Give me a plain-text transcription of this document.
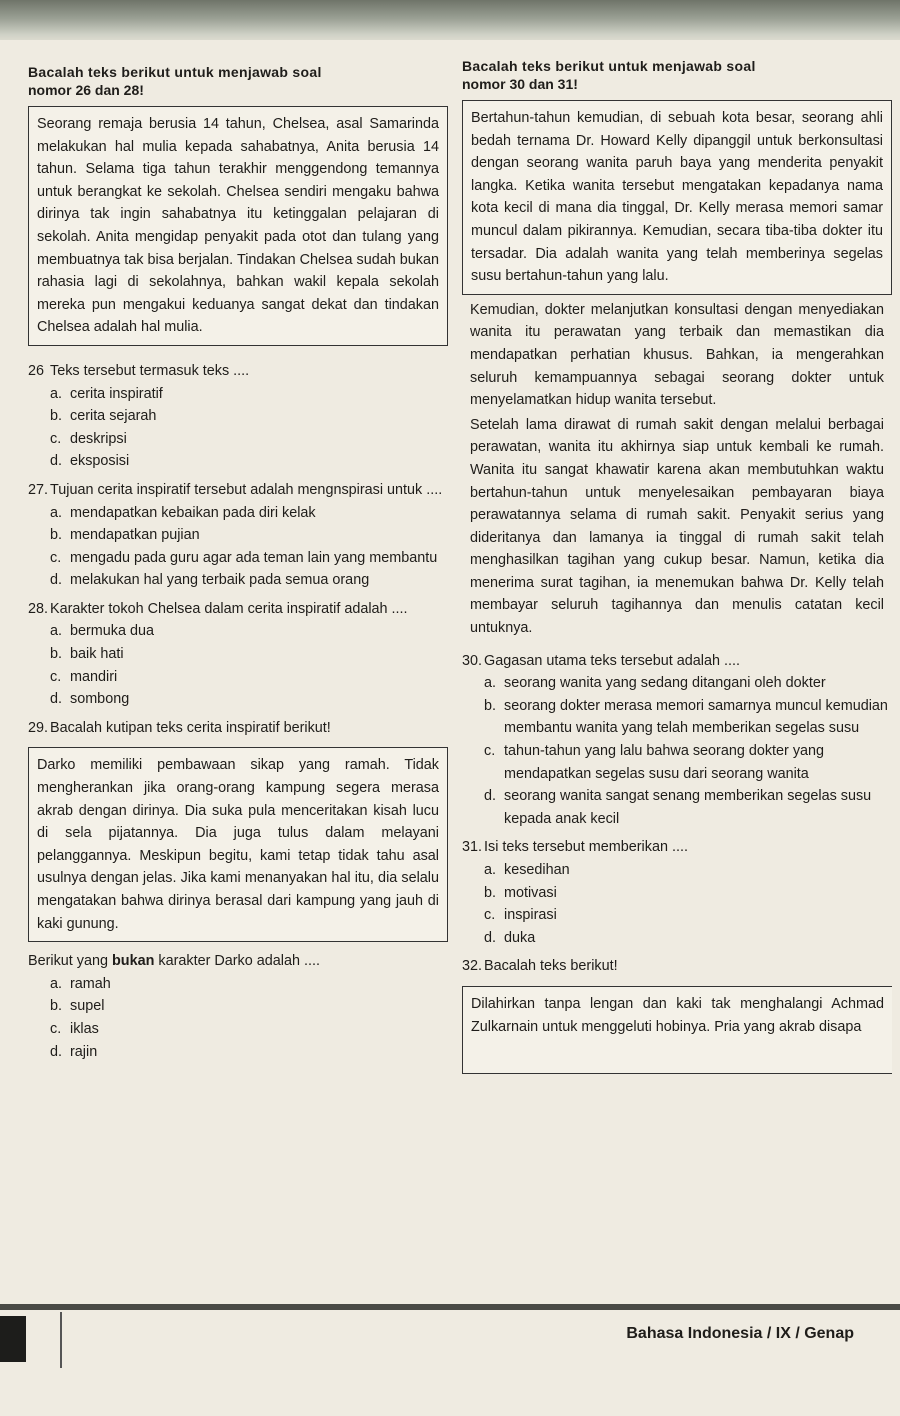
Bacalah teks berikut untuk menjawab soal
nomor 26 dan 28!
Seorang remaja berusia 14 tahun, Chelsea, asal Samarinda melakukan hal mulia kepada sahabatnya, Anita berusia 14 tahun. Selama tiga tahun terakhir menggendong temannya untuk berangkat ke sekolah. Chelsea sendiri mengaku bahwa dirinya tak ingin sahabatnya itu ketinggalan pelajaran di sekolah. Anita mengidap penyakit pada otot dan tulang yang membuatnya tak bisa berjalan. Tindakan Chelsea sudah bukan rahasia lagi di sekolahnya, bahkan wakil kepala sekolah mereka pun mengakui keduanya sangat dekat dan tindakan Chelsea adalah hal mulia.
26 Teks tersebut termasuk teks ....
a. cerita inspiratif
b. cerita sejarah
c. deskripsi
d. eksposisi
27. Tujuan cerita inspiratif tersebut adalah mengnspirasi untuk ....
a. mendapatkan kebaikan pada diri kelak
b. mendapatkan pujian
c. mengadu pada guru agar ada teman lain yang membantu
d. melakukan hal yang terbaik pada semua orang
28. Karakter tokoh Chelsea dalam cerita inspiratif adalah ....
a. bermuka dua
b. baik hati
c. mandiri
d. sombong
29. Bacalah kutipan teks cerita inspiratif berikut!
Darko memiliki pembawaan sikap yang ramah. Tidak mengherankan jika orang-orang kampung segera merasa akrab dengan dirinya. Dia suka pula menceritakan kisah lucu di sela pijatannya. Dia juga tulus dalam melayani pelanggannya. Meskipun begitu, kami tetap tidak tahu asal usulnya dengan jelas. Jika kami menanyakan hal itu, dia selalu mengatakan bahwa dirinya berasal dari kampung yang jauh di kaki gunung.
Berikut yang bukan karakter Darko adalah ....
a. ramah
b. supel
c. iklas
d. rajin
Bacalah teks berikut untuk menjawab soal
nomor 30 dan 31!
Bertahun-tahun kemudian, di sebuah kota besar, seorang ahli bedah ternama Dr. Howard Kelly dipanggil untuk berkonsultasi dengan seorang wanita paruh baya yang menderita penyakit langka. Ketika wanita tersebut mengatakan kepadanya nama kota kecil di mana dia tinggal, Dr. Kelly merasa memori samar muncul dalam pikirannya. Kemudian, secara tiba-tiba dokter itu tersadar. Dia adalah wanita yang telah memberinya segelas susu bertahun-tahun yang lalu.
Kemudian, dokter melanjutkan konsultasi dengan menyediakan wanita itu perawatan yang terbaik dan memastikan dia mendapatkan perhatian khusus. Bahkan, ia mengerahkan seluruh kemampuannya sebagai seorang dokter untuk menyelamatkan hidup wanita tersebut.
Setelah lama dirawat di rumah sakit dengan melalui berbagai perawatan, wanita itu akhirnya siap untuk kembali ke rumah. Wanita itu sangat khawatir karena akan membutuhkan waktu bertahun-tahun untuk menyelesaikan pembayaran biaya perawatannya selama di rumah sakit. Penyakit serius yang dideritanya dan lamanya ia tinggal di rumah sakit telah menghasilkan tagihan yang cukup besar. Namun, ketika dia menerima surat tagihan, ia menemukan bahwa Dr. Kelly telah membayar seluruh tagihannya dan menulis catatan kecil untuknya.
30. Gagasan utama teks tersebut adalah ....
a. seorang wanita yang sedang ditangani oleh dokter
b. seorang dokter merasa memori samarnya muncul kemudian membantu wanita yang telah memberikan segelas susu
c. tahun-tahun yang lalu bahwa seorang dokter yang mendapatkan segelas susu dari seorang wanita
d. seorang wanita sangat senang memberikan segelas susu kepada anak kecil
31. Isi teks tersebut memberikan ....
a. kesedihan
b. motivasi
c. inspirasi
d. duka
32. Bacalah teks berikut!
Dilahirkan tanpa lengan dan kaki tak menghalangi Achmad Zulkarnain untuk menggeluti hobinya. Pria yang akrab disapa
Bahasa Indonesia / IX / Genap
